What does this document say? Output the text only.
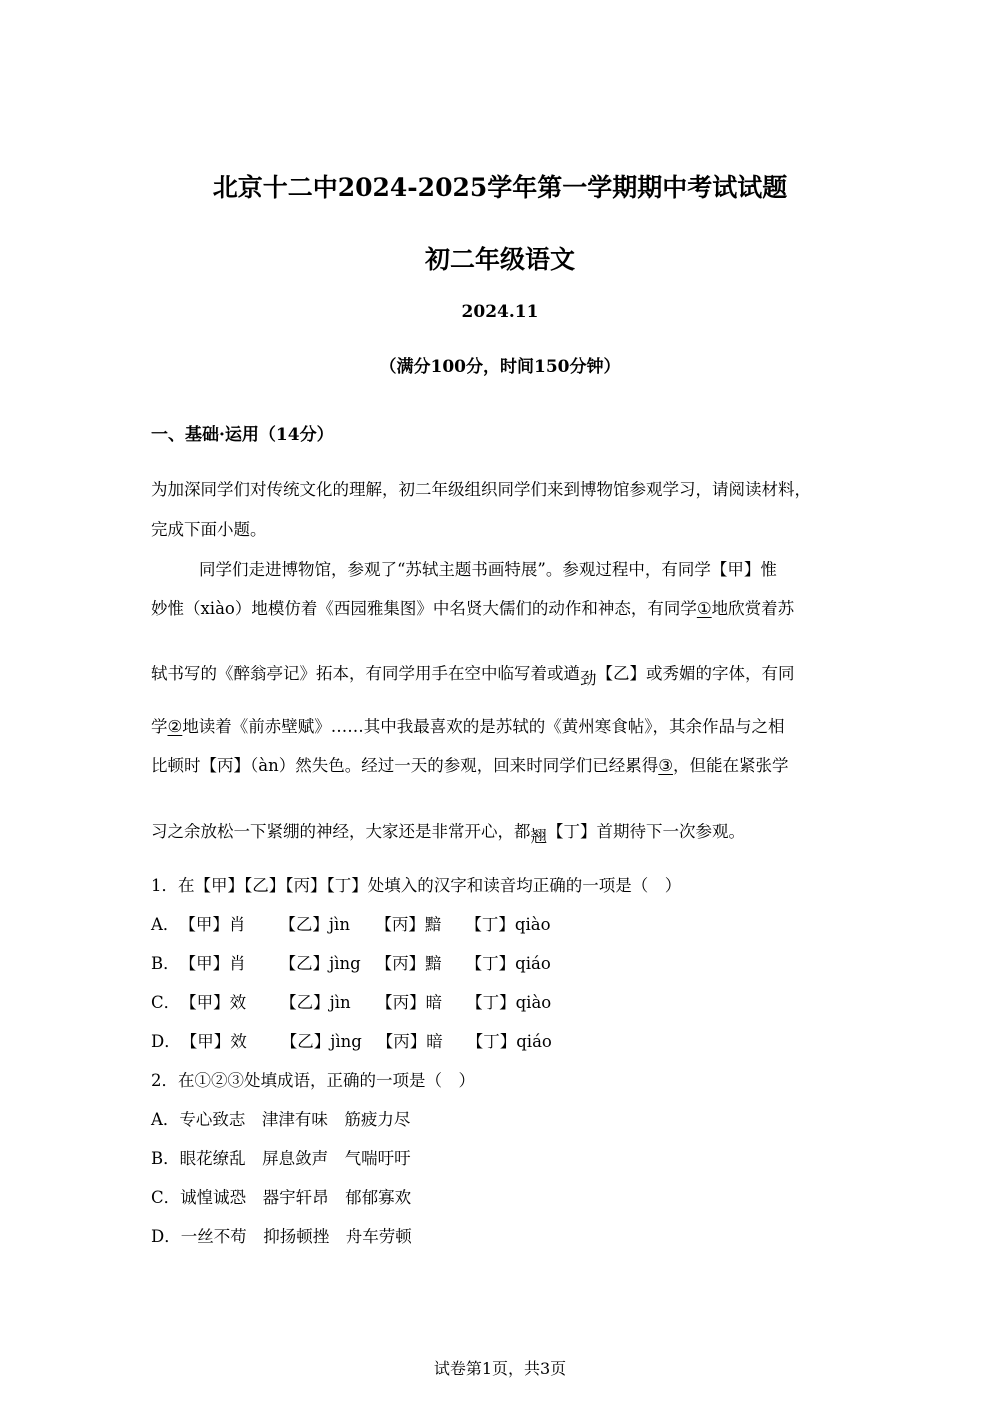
北京十二中2024-2025学年第一学期期中考试试题
初二年级语文
2024.11
（满分100分，时间150分钟）
一、基础·运用（14分）
为加深同学们对传统文化的理解，初二年级组织同学们来到博物馆参观学习，请阅读材料，
完成下面小题。
同学们走进博物馆，参观了“苏轼主题书画特展”。参观过程中，有同学【甲】惟
妙惟（xiào）地模仿着《西园雅集图》中名贤大儒们的动作和神态，有同学①地欣赏着苏
轼书写的《醉翁亭记》拓本，有同学用手在空中临写着或遒劲【乙】或秀媚的字体，有同
学②地读着《前赤壁赋》……其中我最喜欢的是苏轼的《黄州寒食帖》，其余作品与之相
比顿时【丙】（àn）然失色。经过一天的参观，回来时同学们已经累得③，但能在紧张学
习之余放松一下紧绷的神经，大家还是非常开心，都翘【丁】首期待下一次参观。
1．在【甲】【乙】【丙】【丁】处填入的汉字和读音均正确的一项是（　）
A．【甲】肖 【乙】jìn 【丙】黯 【丁】qiào
B．【甲】肖 【乙】jìng 【丙】黯 【丁】qiáo
C．【甲】效 【乙】jìn 【丙】暗 【丁】qiào
D．【甲】效 【乙】jìng 【丙】暗 【丁】qiáo
2．在①②③处填成语，正确的一项是（　）
A．专心致志　津津有味　筋疲力尽
B．眼花缭乱　屏息敛声　气喘吁吁
C．诚惶诚恐　器宇轩昂　郁郁寡欢
D．一丝不苟　抑扬顿挫　舟车劳顿
试卷第1页，共3页
